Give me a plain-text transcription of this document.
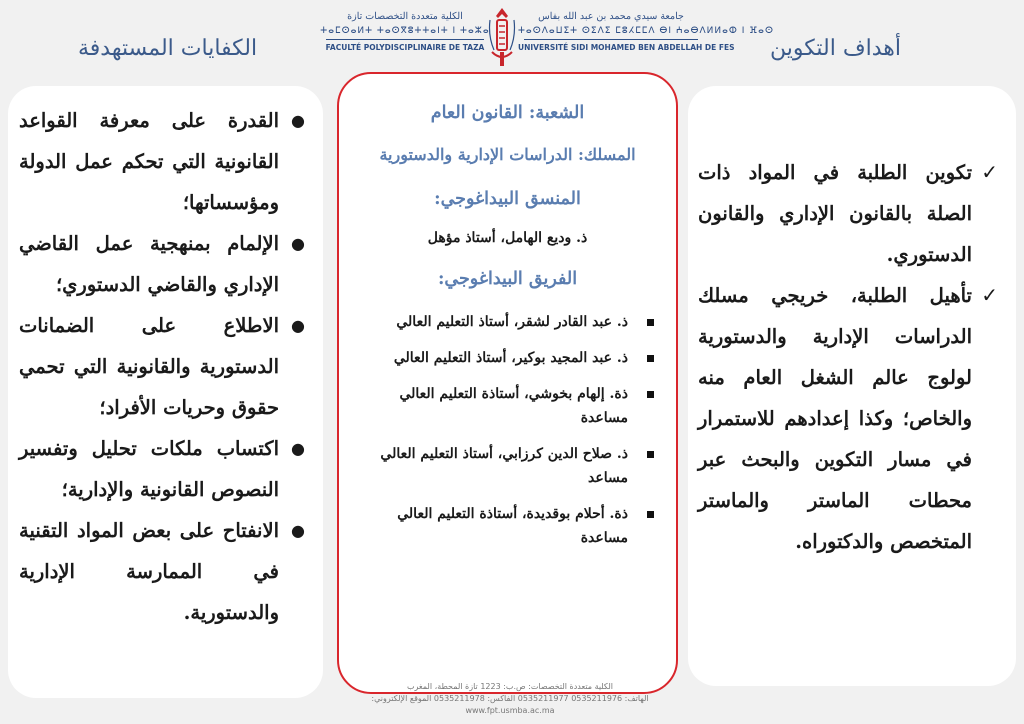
الكفايات المستهدفة	أهداف التكوين
الكلية متعددة التخصصات تازة
ⵜⴰⵎⵙⴰⵍⵜ ⵜⴰⵙⴳⵓⵜⵜⴰⵏⵜ ⵏ ⵜⴰⵣⴰ
FACULTÉ POLYDISCIPLINAIRE DE TAZA
جامعة سيدي محمد بن عبد الله بفاس
ⵜⴰⵙⴷⴰⵡⵉⵜ ⵙⵉⴷⵉ ⵎⵓⵃⵎⵎⴷ ⴱⵏ ⵄⴰⴱⴷⵍⵍⴰⵀ ⵏ ⴼⴰⵙ
UNIVERSITÉ SIDI MOHAMED BEN ABDELLAH DE FES
●
القدرة على معرفة القواعد القانونية التي تحكم عمل الدولة ومؤسساتها؛
●
الإلمام بمنهجية عمل القاضي الإداري والقاضي الدستوري؛
●
الاطلاع على الضمانات الدستورية والقانونية التي تحمي حقوق وحريات الأفراد؛
●
اكتساب ملكات تحليل وتفسير النصوص القانونية والإدارية؛
●
الانفتاح على بعض المواد التقنية في الممارسة الإدارية والدستورية.
الشعبة: القانون العام
المسلك: الدراسات الإدارية والدستورية
المنسق البيداغوجي:
ذ. وديع الهامل، أستاذ مؤهل
الفريق البيداغوجي:
ذ. عبد القادر لشقر، أستاذ التعليم العالي
ذ. عبد المجيد بوكير، أستاذ التعليم العالي
ذة. إلهام بخوشي، أستاذة التعليم العالي مساعدة
ذ. صلاح الدين كرزابي، أستاذ التعليم العالي مساعد
ذة. أحلام بوقديدة، أستاذة التعليم العالي مساعدة
✓
تكوين الطلبة في المواد ذات الصلة بالقانون الإداري والقانون الدستوري.
✓
تأهيل الطلبة، خريجي مسلك الدراسات الإدارية والدستورية لولوج عالم الشغل العام منه والخاص؛ وكذا إعدادهم للاستمرار في مسار التكوين والبحث عبر محطات الماستر والماستر المتخصص والدكتوراه.
الكلية متعددة التخصصات: ص.ب: 1223 تازة المحطة، المغرب
الهاتف: 0535211976 0535211977 الفاكس: 0535211978 الموقع الإلكتروني:
www.fpt.usmba.ac.ma
